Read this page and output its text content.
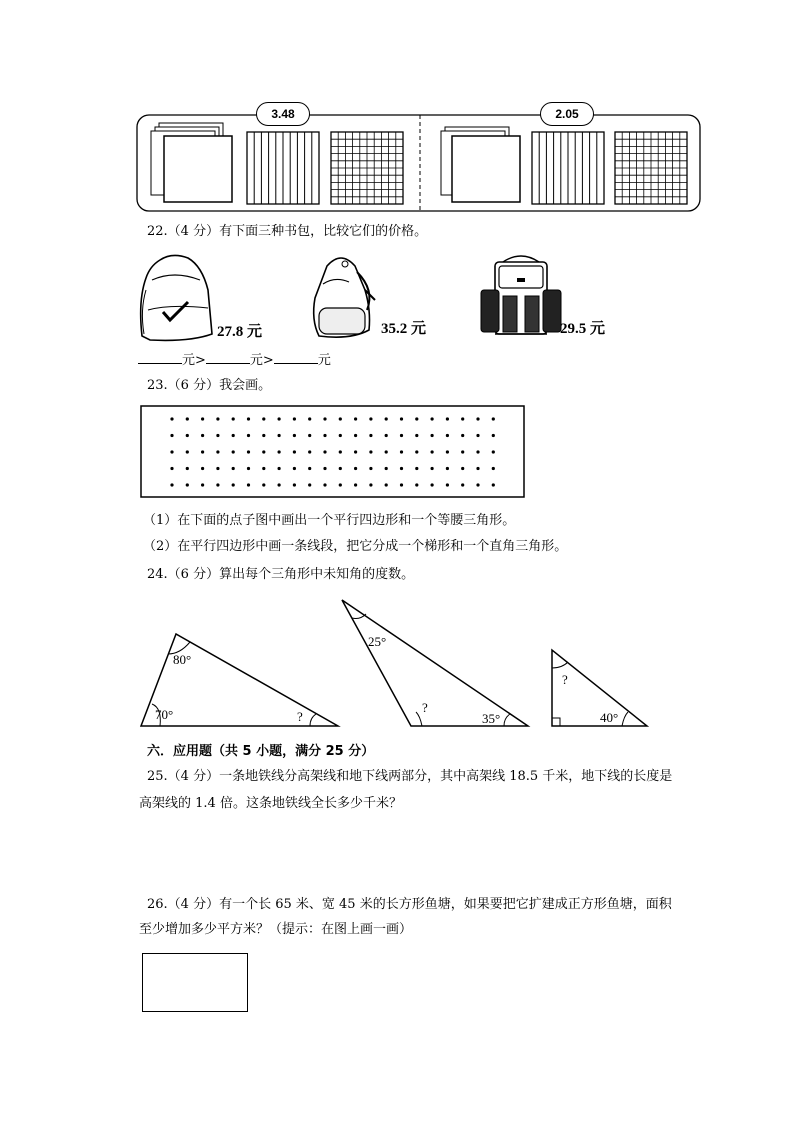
3.48	2.05
22.（4 分）有下面三种书包，比较它们的价格。
27.8 元	35.2 元	29.5 元
元>	元>	元
23.（6 分）我会画。
（1）在下面的点子图中画出一个平行四边形和一个等腰三角形。
（2）在平行四边形中画一条线段，把它分成一个梯形和一个直角三角形。
24.（6 分）算出每个三角形中未知角的度数。
80°
70°	?
25°
?
35°
?
40°
六．应用题（共 5 小题，满分 25 分）
25.（4 分）一条地铁线分高架线和地下线两部分，其中高架线 18.5 千米，地下线的长度是
高架线的 1.4 倍。这条地铁线全长多少千米？
26.（4 分）有一个长 65 米、宽 45 米的长方形鱼塘，如果要把它扩建成正方形鱼塘，面积
至少增加多少平方米？（提示：在图上画一画）
